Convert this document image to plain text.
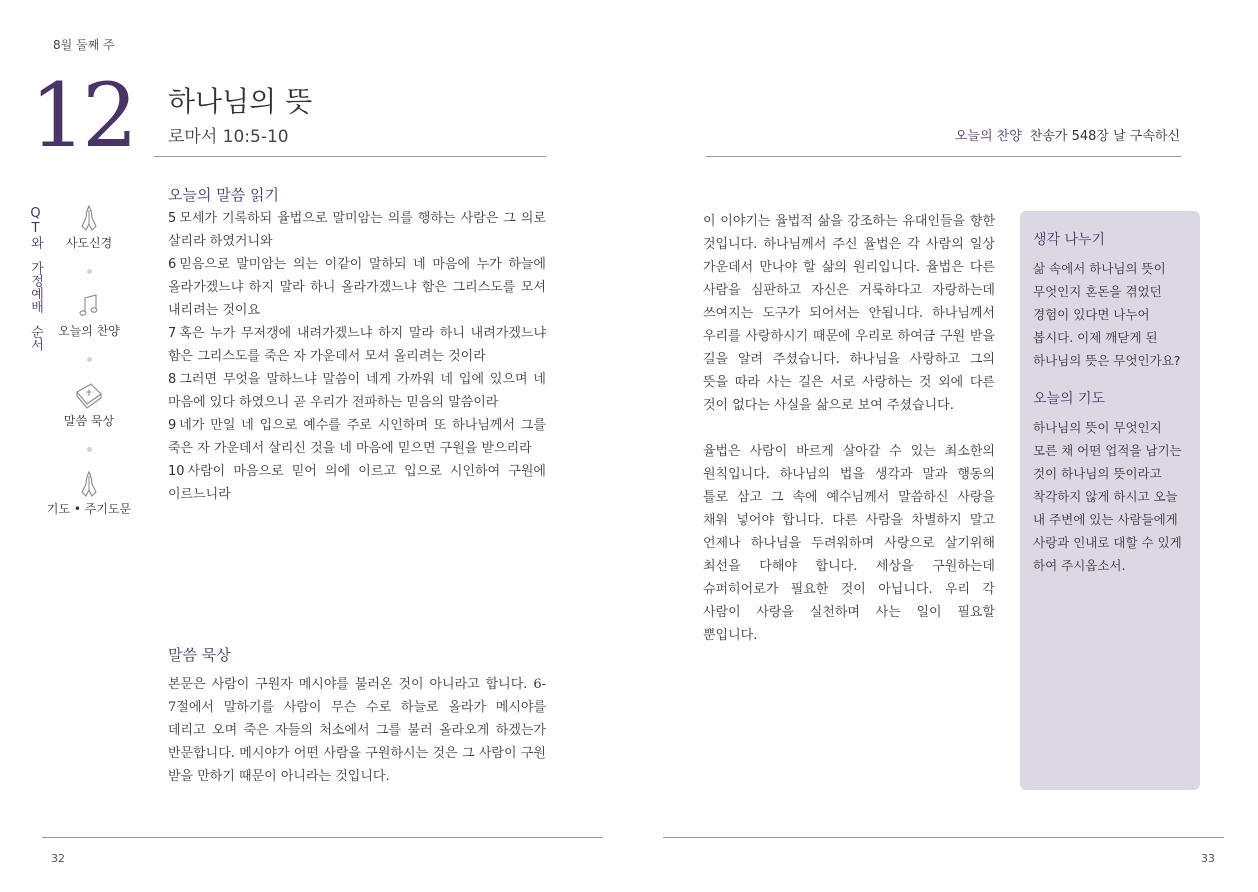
8월 둘째 주
12 하나님의 뜻
로마서 10:5-10
QT와
가정예배
순서
사도신경
오늘의 찬양
말씀 묵상
기도 • 주기도문
오늘의 말씀 읽기

5 모세가 기록하되 율법으로 말미암는 의를 행하는 사람은 그 의로 살리라 하였거니와

6 믿음으로 말미암는 의는 이같이 말하되 네 마음에 누가 하늘에 올라가겠느냐 하지 말라 하니 올라가겠느냐 함은 그리스도를 모셔 내리려는 것이요

7 혹은 누가 무저갱에 내려가겠느냐 하지 말라 하니 내려가겠느냐 함은 그리스도를 죽은 자 가운데서 모셔 올리려는 것이라

8 그러면 무엇을 말하느냐 말씀이 네게 가까워 네 입에 있으며 네 마음에 있다 하였으니 곧 우리가 전파하는 믿음의 말씀이라

9 네가 만일 네 입으로 예수를 주로 시인하며 또 하나님께서 그를 죽은 자 가운데서 살리신 것을 네 마음에 믿으면 구원을 받으리라

10 사람이 마음으로 믿어 의에 이르고 입으로 시인하여 구원에 이르느니라

말씀 묵상
본문은 사람이 구원자 메시야를 불러온 것이 아니라고 합니다. 6-7절에서 말하기를 사람이 무슨 수로 하늘로 올라가 메시야를 데리고 오며 죽은 자들의 처소에서 그를 불러 올라오게 하겠는가 반문합니다. 메시야가 어떤 사람을 구원하시는 것은 그 사람이 구원 받을 만하기 때문이 아니라는 것입니다.
32
오늘의 찬양 찬송가 548장 날 구속하신

이 이야기는 율법적 삶을 강조하는 유대인들을 향한 것입니다. 하나님께서 주신 율법은 각 사람의 일상 가운데서 만나야 할 삶의 원리입니다. 율법은 다른 사람을 심판하고 자신은 거룩하다고 자랑하는데 쓰여지는 도구가 되어서는 안됩니다. 하나님께서 우리를 사랑하시기 때문에 우리로 하여금 구원 받을 길을 알려 주셨습니다. 하나님을 사랑하고 그의 뜻을 따라 사는 길은 서로 사랑하는 것 외에 다른 것이 없다는 사실을 삶으로 보여 주셨습니다.

율법은 사람이 바르게 살아갈 수 있는 최소한의 원칙입니다. 하나님의 법을 생각과 말과 행동의 틀로 삼고 그 속에 예수님께서 말씀하신 사랑을 채워 넣어야 합니다. 다른 사람을 차별하지 말고 언제나 하나님을 두려워하며 사랑으로 살기위해 최선을 다해야 합니다. 세상을 구원하는데 슈퍼히어로가 필요한 것이 아닙니다. 우리 각 사람이 사랑을 실천하며 사는 일이 필요할 뿐입니다.

생각 나누기

삶 속에서 하나님의 뜻이 무엇인지 혼돈을 겪었던 경험이 있다면 나누어 봅시다. 이제 깨닫게 된 하나님의 뜻은 무엇인가요?

오늘의 기도

하나님의 뜻이 무엇인지 모른 채 어떤 업적을 남기는 것이 하나님의 뜻이라고 착각하지 않게 하시고 오늘 내 주변에 있는 사람들에게 사랑과 인내로 대할 수 있게 하여 주시옵소서.

33
